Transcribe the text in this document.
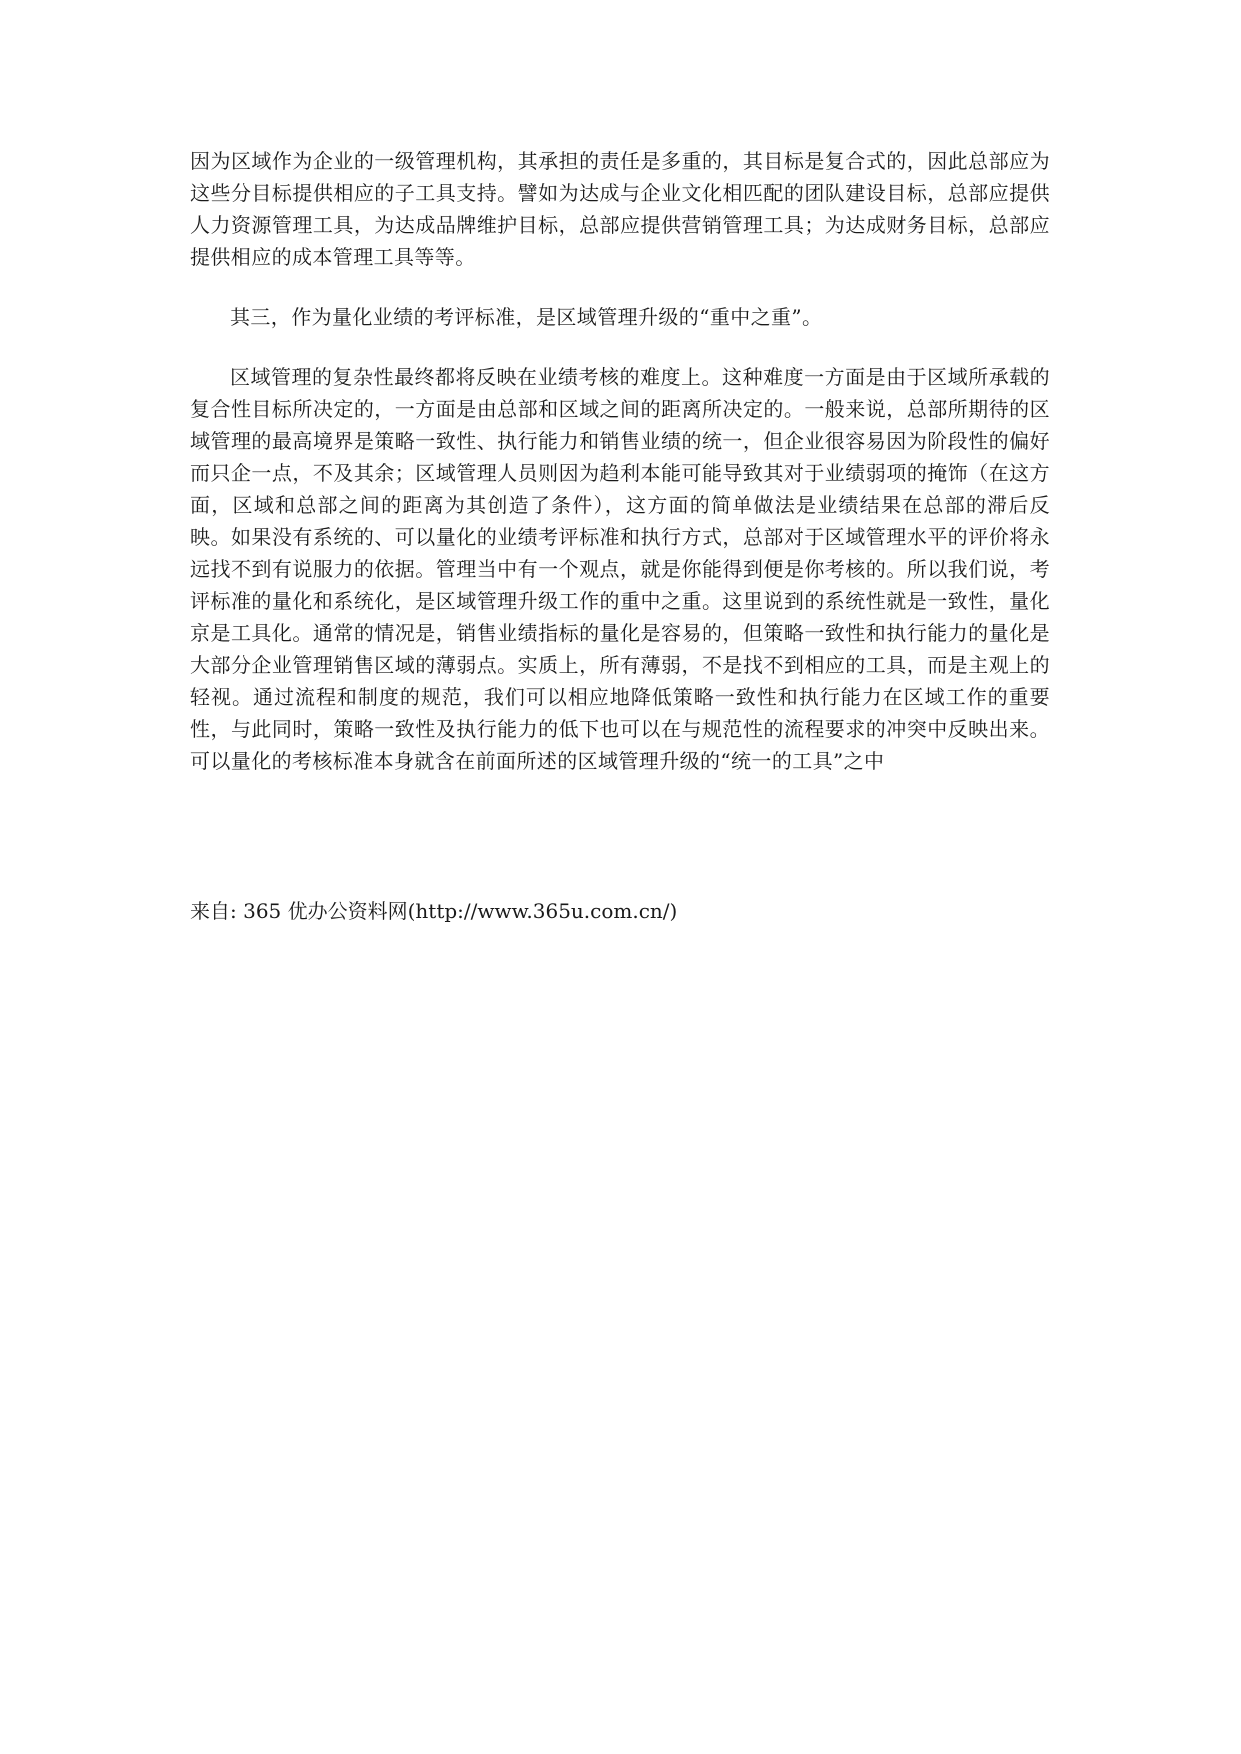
因为区域作为企业的一级管理机构，其承担的责任是多重的，其目标是复合式的，因此总部应为这些分目标提供相应的子工具支持。譬如为达成与企业文化相匹配的团队建设目标，总部应提供人力资源管理工具，为达成品牌维护目标，总部应提供营销管理工具；为达成财务目标，总部应提供相应的成本管理工具等等。

其三，作为量化业绩的考评标准，是区域管理升级的“重中之重”。

区域管理的复杂性最终都将反映在业绩考核的难度上。这种难度一方面是由于区域所承载的复合性目标所决定的，一方面是由总部和区域之间的距离所决定的。一般来说，总部所期待的区域管理的最高境界是策略一致性、执行能力和销售业绩的统一，但企业很容易因为阶段性的偏好而只企一点，不及其余；区域管理人员则因为趋利本能可能导致其对于业绩弱项的掩饰（在这方面，区域和总部之间的距离为其创造了条件），这方面的简单做法是业绩结果在总部的滞后反映。如果没有系统的、可以量化的业绩考评标准和执行方式，总部对于区域管理水平的评价将永远找不到有说服力的依据。管理当中有一个观点，就是你能得到便是你考核的。所以我们说，考评标准的量化和系统化，是区域管理升级工作的重中之重。这里说到的系统性就是一致性，量化京是工具化。通常的情况是，销售业绩指标的量化是容易的，但策略一致性和执行能力的量化是大部分企业管理销售区域的薄弱点。实质上，所有薄弱，不是找不到相应的工具，而是主观上的轻视。通过流程和制度的规范，我们可以相应地降低策略一致性和执行能力在区域工作的重要性，与此同时，策略一致性及执行能力的低下也可以在与规范性的流程要求的冲突中反映出来。可以量化的考核标准本身就含在前面所述的区域管理升级的“统一的工具”之中

来自: 365 优办公资料网(http://www.365u.com.cn/)
